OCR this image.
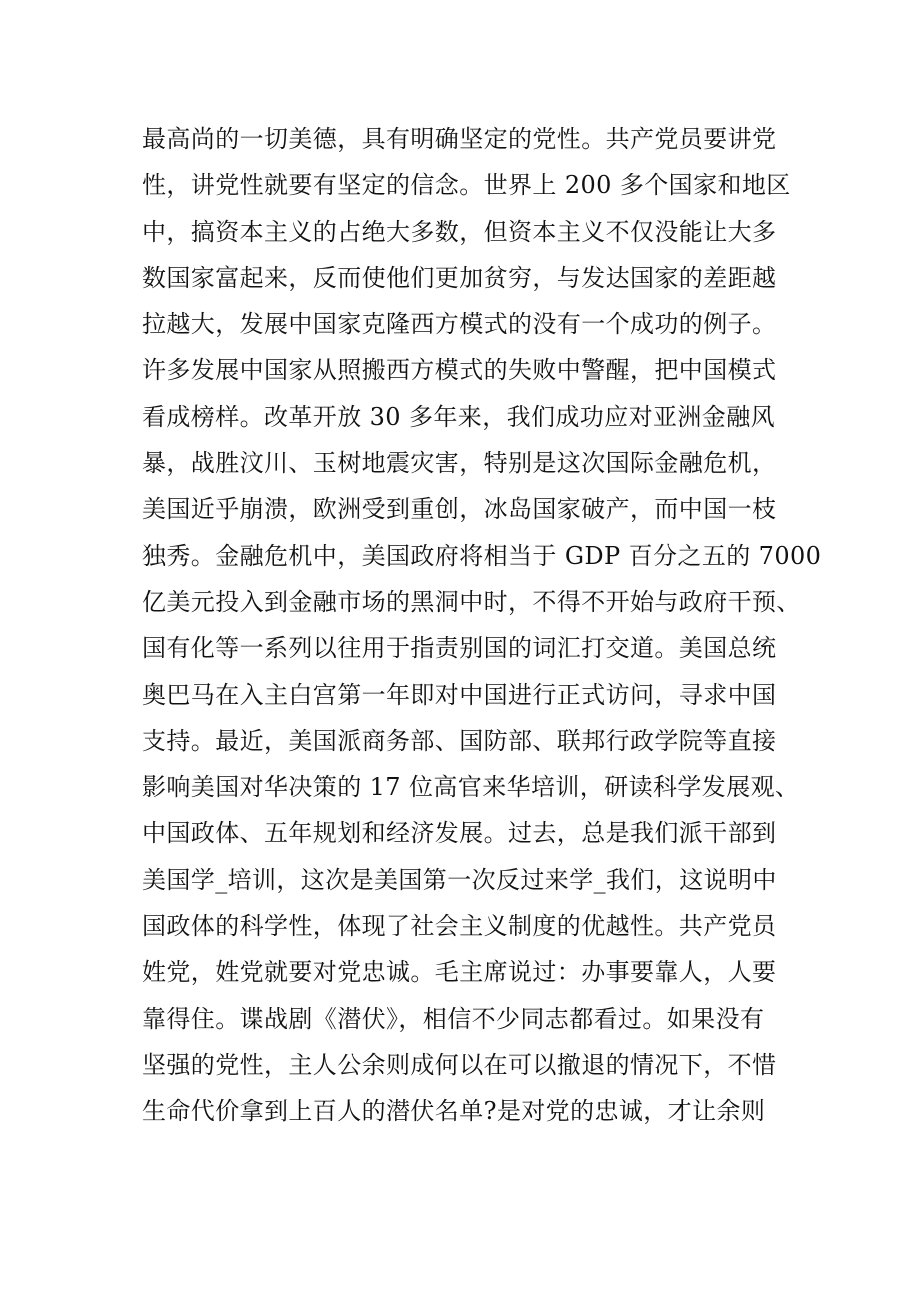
最高尚的一切美德，具有明确坚定的党性。共产党员要讲党
性，讲党性就要有坚定的信念。世界上 200 多个国家和地区
中，搞资本主义的占绝大多数，但资本主义不仅没能让大多
数国家富起来，反而使他们更加贫穷，与发达国家的差距越
拉越大，发展中国家克隆西方模式的没有一个成功的例子。
许多发展中国家从照搬西方模式的失败中警醒，把中国模式
看成榜样。改革开放 30 多年来，我们成功应对亚洲金融风
暴，战胜汶川、玉树地震灾害，特别是这次国际金融危机，
美国近乎崩溃，欧洲受到重创，冰岛国家破产，而中国一枝
独秀。金融危机中，美国政府将相当于 GDP 百分之五的 7000
亿美元投入到金融市场的黑洞中时，不得不开始与政府干预、
国有化等一系列以往用于指责别国的词汇打交道。美国总统
奥巴马在入主白宫第一年即对中国进行正式访问，寻求中国
支持。最近，美国派商务部、国防部、联邦行政学院等直接
影响美国对华决策的 17 位高官来华培训，研读科学发展观、
中国政体、五年规划和经济发展。过去，总是我们派干部到
美国学_培训，这次是美国第一次反过来学_我们，这说明中
国政体的科学性，体现了社会主义制度的优越性。共产党员
姓党，姓党就要对党忠诚。毛主席说过：办事要靠人，人要
靠得住。谍战剧《潜伏》，相信不少同志都看过。如果没有
坚强的党性，主人公余则成何以在可以撤退的情况下，不惜
生命代价拿到上百人的潜伏名单?是对党的忠诚，才让余则
